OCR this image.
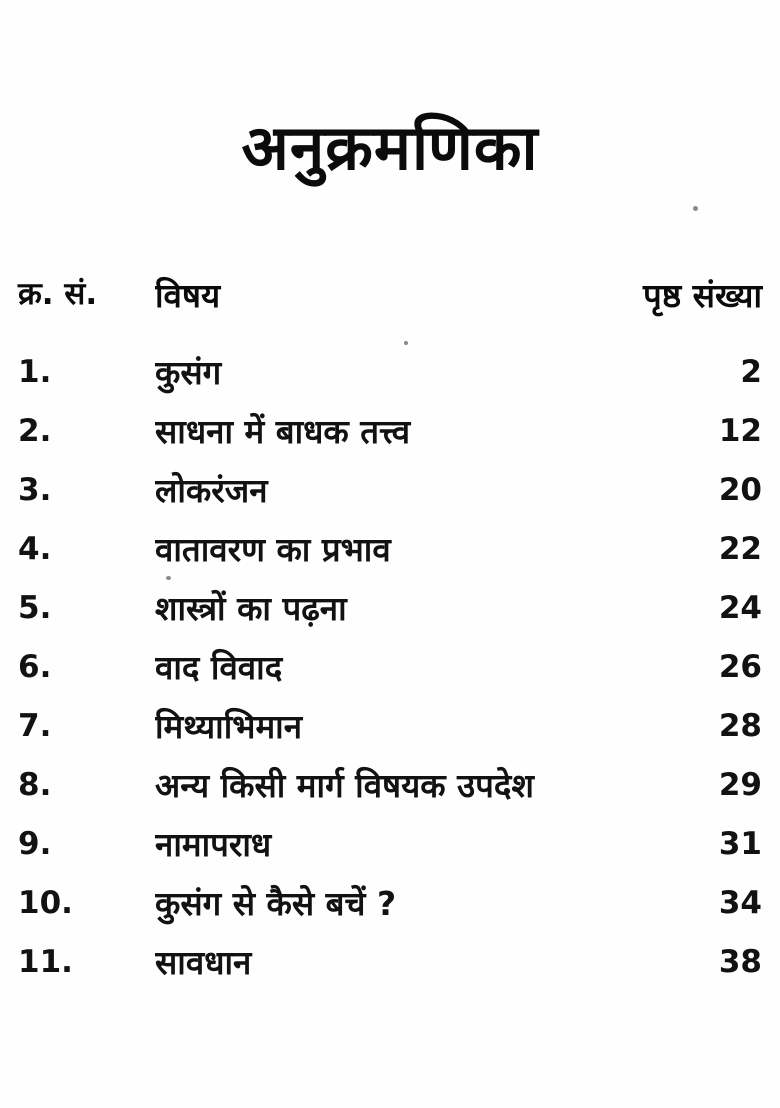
अनुक्रमणिका
क्र. सं.	विषय	पृष्ठ संख्या
1.	कुसंग	2
2.	साधना में बाधक तत्त्व	12
3.	लोकरंजन	20
4.	वातावरण का प्रभाव	22
5.	शास्त्रों का पढ़ना	24
6.	वाद विवाद	26
7.	मिथ्याभिमान	28
8.	अन्य किसी मार्ग विषयक उपदेश	29
9.	नामापराध	31
10.	कुसंग से कैसे बचें ?	34
11.	सावधान	38
